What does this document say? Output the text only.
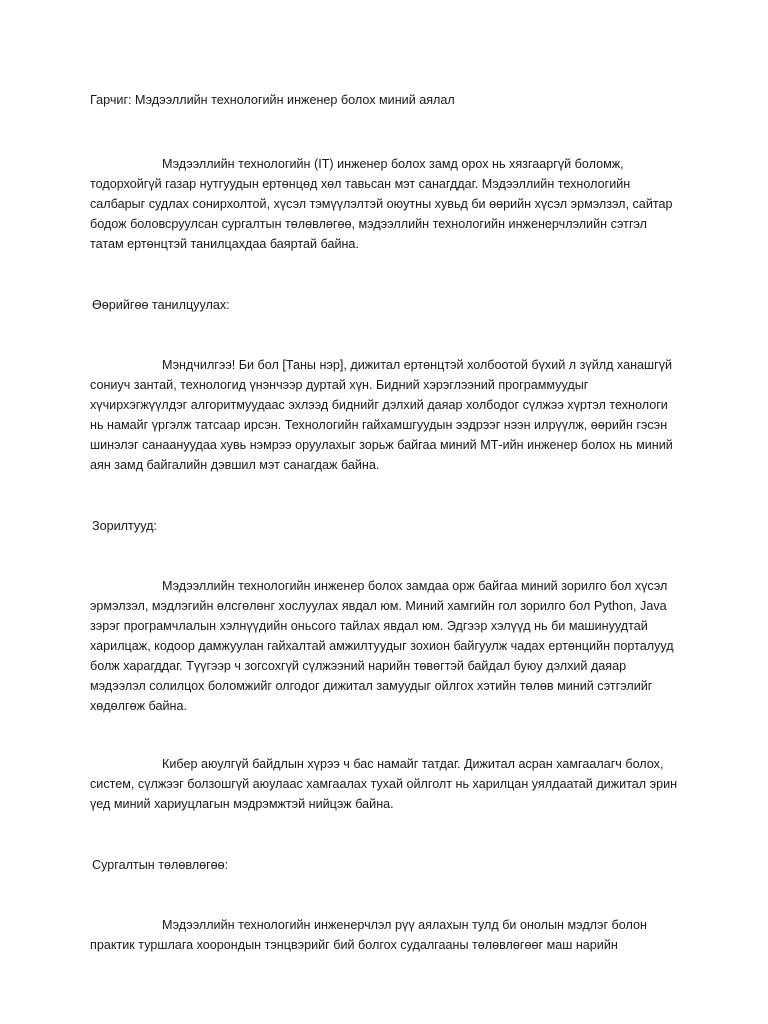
Гарчиг: Мэдээллийн технологийн инженер болох миний аялал

Мэдээллийн технологийн (IT) инженер болох замд орох нь хязгааргүй боломж, тодорхойгүй газар нутгуудын ертөнцөд хөл тавьсан мэт санагддаг. Мэдээллийн технологийн салбарыг судлах сонирхолтой, хүсэл тэмүүлэлтэй оюутны хувьд би өөрийн хүсэл эрмэлзэл, сайтар бодож боловсруулсан сургалтын төлөвлөгөө, мэдээллийн технологийн инженерчлэлийн сэтгэл татам ертөнцтэй танилцахдаа баяртай байна.

Өөрийгөө танилцуулах:

Мэндчилгээ! Би бол [Таны нэр], дижитал ертөнцтэй холбоотой бүхий л зүйлд ханашгүй сониуч зантай, технологид үнэнчээр дуртай хүн. Бидний хэрэглээний программуудыг хүчирхэгжүүлдэг алгоритмуудаас эхлээд биднийг дэлхий даяар холбодог сүлжээ хүртэл технологи нь намайг үргэлж татсаар ирсэн. Технологийн гайхамшгуудын ээдрээг нээн илрүүлж, өөрийн гэсэн шинэлэг санаануудаа хувь нэмрээ оруулахыг зорьж байгаа миний МТ-ийн инженер болох нь миний аян замд байгалийн дэвшил мэт санагдаж байна.

Зорилтууд:

Мэдээллийн технологийн инженер болох замдаа орж байгаа миний зорилго бол хүсэл эрмэлзэл, мэдлэгийн өлсгөлөнг хослуулах явдал юм. Миний хамгийн гол зорилго бол Python, Java зэрэг програмчлалын хэлнүүдийн оньсого тайлах явдал юм. Эдгээр хэлүүд нь би машинуудтай харилцаж, кодоор дамжуулан гайхалтай амжилтуудыг зохион байгуулж чадах ертөнцийн порталууд болж харагддаг. Түүгээр ч зогсохгүй сүлжээний нарийн төвөгтэй байдал буюу дэлхий даяар мэдээлэл солилцох боломжийг олгодог дижитал замуудыг ойлгох хэтийн төлөв миний сэтгэлийг хөдөлгөж байна.

Кибер аюулгүй байдлын хүрээ ч бас намайг татдаг. Дижитал асран хамгаалагч болох, систем, сүлжээг болзошгүй аюулаас хамгаалах тухай ойлголт нь харилцан уялдаатай дижитал эрин үед миний хариуцлагын мэдрэмжтэй нийцэж байна.

Сургалтын төлөвлөгөө:

Мэдээллийн технологийн инженерчлэл рүү аялахын тулд би онолын мэдлэг болон практик туршлага хоорондын тэнцвэрийг бий болгох судалгааны төлөвлөгөөг маш нарийн
